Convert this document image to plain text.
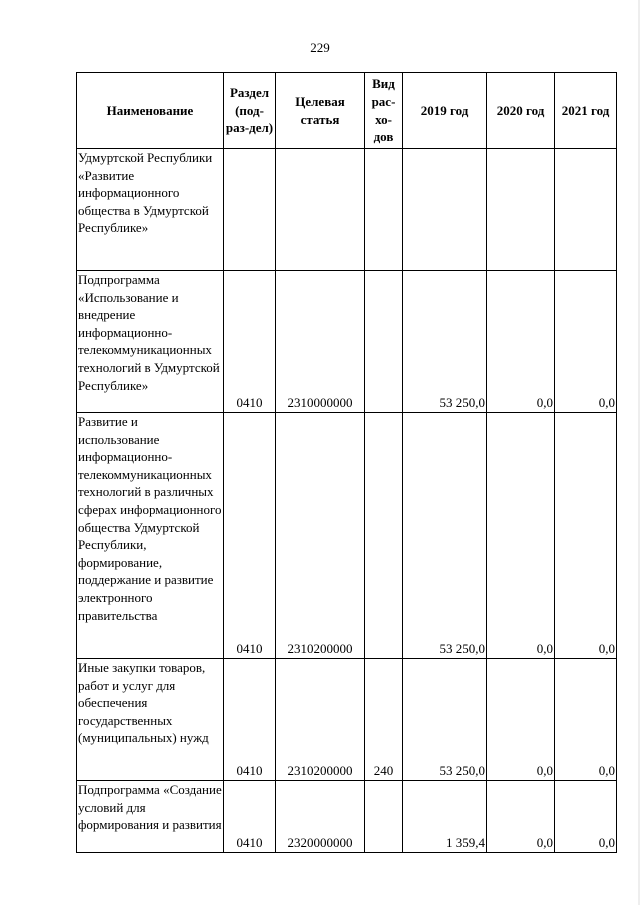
229
Наименование	Раздел (под-раз-дел)	Целевая статья	Вид рас-хо-дов	2019 год	2020 год	2021 год
Удмуртской Республики «Развитие информационного общества в Удмуртской Республике»						
Подпрограмма «Использование и внедрение информационно-телекоммуникационных технологий в Удмуртской Республике»	0410	2310000000		53 250,0	0,0	0,0
Развитие и использование информационно-телекоммуникационных технологий в различных сферах информационного общества Удмуртской Республики, формирование, поддержание и развитие электронного правительства	0410	2310200000		53 250,0	0,0	0,0
Иные закупки товаров, работ и услуг для обеспечения государственных (муниципальных) нужд	0410	2310200000	240	53 250,0	0,0	0,0
Подпрограмма «Создание условий для формирования и развития	0410	2320000000		1 359,4	0,0	0,0
